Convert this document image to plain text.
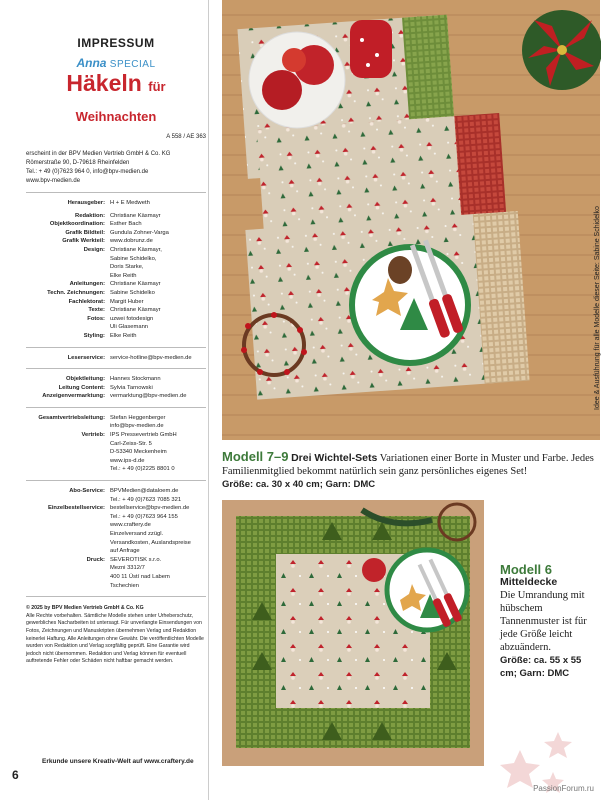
IMPRESSUM
Anna SPECIAL
Häkeln für Weihnachten
A 558 / AE 363
erscheint in der BPV Medien Vertrieb GmbH & Co. KG
Römerstraße 90, D-79618 Rheinfelden
Tel.: + 49 (0)7623 964 0, info@bpv-medien.de
www.bpv-medien.de
Herausgeber: H + E Medweth
Redaktion: Christiane Käsmayr
Objektkoordination: Esther Bach
Grafik Bildteil: Gundula Zohner-Varga
Grafik Werkteil: www.dobrunz.de
Design: Christiane Käsmayr,
Sabine Schidelko,
Doris Starke,
Elke Reith
Anleitungen: Christiane Käsmayr
Techn. Zeichnungen: Sabine Schidelko
Fachlektorat: Margit Huber
Texte: Christiane Käsmayr
Fotos: uzwei fotodesign
Uli Glasemann
Styling: Elke Reith
Leserservice: service-hotline@bpv-medien.de
Objektleitung: Hannes Stockmann
Leitung Content: Sylvia Tarnowski
Anzeigenvermarktung: vermarktung@bpv-medien.de
Gesamtvertriebsleitung: Stefan Heggenberger
info@bpv-medien.de
Vertrieb: IPS Pressevertrieb GmbH
Carl-Zeiss-Str. 5
D-53340 Meckenheim
www.ips-d.de
Tel.: + 49 (0)2225 8801 0
Abo-Service: BPVMedien@dataloem.de
Tel.: + 49 (0)7623 7085 321
Einzelbestellservice: bestellservice@bpv-medien.de
Tel.: + 49 (0)7623 964 155
www.craftery.de
Einzelversand zzügl.
Versandkosten, Auslandspreise
auf Anfrage
Druck: SEVEROTISK s.r.o.
Mezni 3312/7
400 11 Ústí nad Labem
Tschechien
© 2025 by BPV Medien Vertrieb GmbH & Co. KG
Alle Rechte vorbehalten. Sämtliche Modelle stehen unter Urheberschutz, gewerbliches Nacharbeiten ist untersagt. Für unverlangte Einsendungen von Fotos, Zeichnungen und Manuskripten übernehmen Verlag und Redaktion keinerlei Haftung. Alle Anleitungen ohne Gewähr. Die veröffentlichten Modelle wurden von Redaktion und Verlag sorgfältig geprüft. Eine Garantie wird jedoch nicht übernommen. Redaktion und Verlag können für eventuell auftretende Fehler oder Schäden nicht haftbar gemacht werden.
Erkunde unsere Kreativ-Welt auf www.craftery.de
6
Idee & Ausführung für alle Modelle dieser Seite: Sabine Schidelko
Modell 7–9 Drei Wichtel-Sets Variationen einer Borte in Muster und Farbe. Jedes Familienmitglied bekommt natürlich sein ganz persönliches eigenes Set!
Größe: ca. 30 x 40 cm; Garn: DMC
Modell 6
Mitteldecke
Die Umrandung mit hübschem Tannenmuster ist für jede Größe leicht abzuändern.
Größe: ca. 55 x 55 cm; Garn: DMC
PassionForum.ru
